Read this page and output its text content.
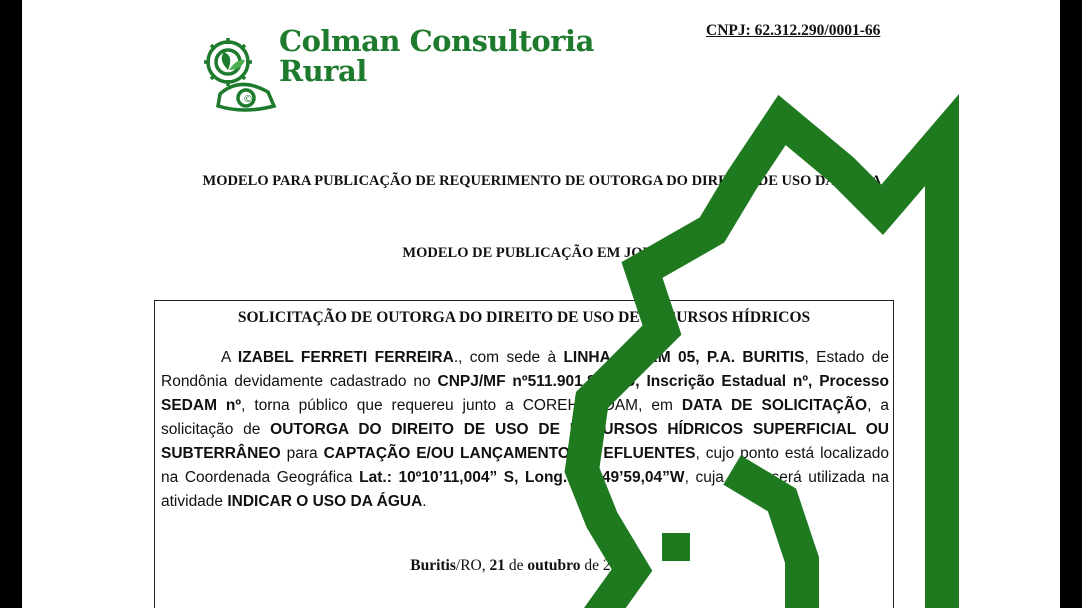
©
Colman Consultoria
Rural
CNPJ: 62.312.290/0001-66
MODELO PARA PUBLICAÇÃO DE REQUERIMENTO DE OUTORGA DO DIREITO DE USO DA ÁGUA
MODELO DE PUBLICAÇÃO EM JORNAL
SOLICITAÇÃO DE OUTORGA DO DIREITO DE USO DE RECURSOS HÍDRICOS
A IZABEL FERRETI FERREIRA., com sede à LINHA 01, KM 05, P.A. BURITIS, Estado de Rondônia devidamente cadastrado no CNPJ/MF nº511.901.842-49, Inscrição Estadual nº, Processo SEDAM nº, torna público que requereu junto a COREH/SEDAM, em DATA DE SOLICITAÇÃO, a solicitação de OUTORGA DO DIREITO DE USO DE RECURSOS HÍDRICOS SUPERFICIAL OU SUBTERRÂNEO para CAPTAÇÃO E/OU LANÇAMENTO DE EFLUENTES, cujo ponto está localizado na Coordenada Geográfica Lat.: 10º10’11,004” S, Long.: 63º49’59,04”W, cuja água será utilizada na atividade INDICAR O USO DA ÁGUA.
Buritis/RO, 21 de outubro de 2025.
